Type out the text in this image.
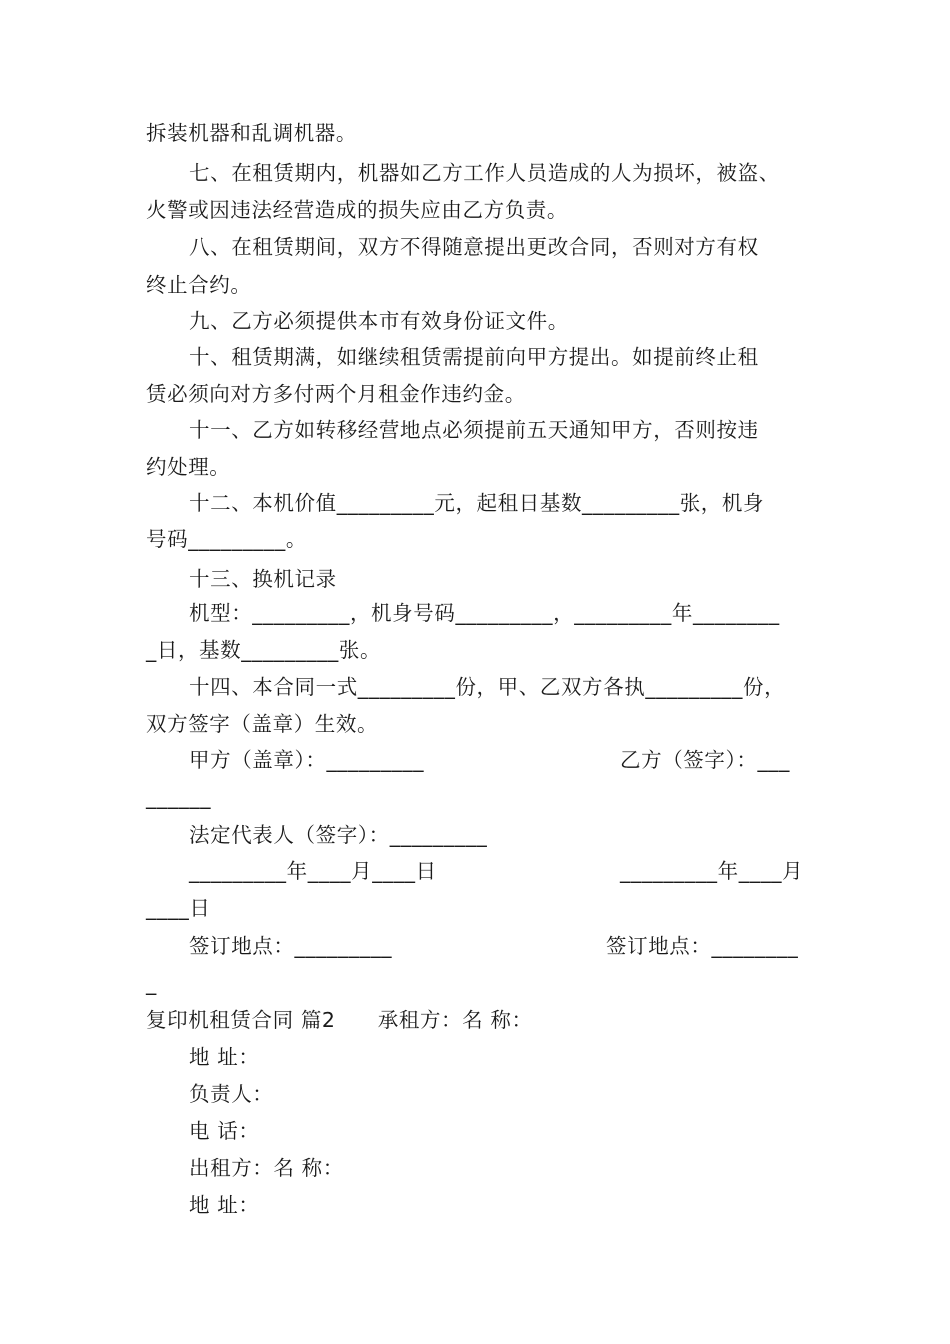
拆装机器和乱调机器。
七、在租赁期内，机器如乙方工作人员造成的人为损坏，被盗、
火警或因违法经营造成的损失应由乙方负责。
八、在租赁期间，双方不得随意提出更改合同，否则对方有权
终止合约。
九、乙方必须提供本市有效身份证文件。
十、租赁期满，如继续租赁需提前向甲方提出。如提前终止租
赁必须向对方多付两个月租金作违约金。
十一、乙方如转移经营地点必须提前五天通知甲方，否则按违
约处理。
十二、本机价值_________元，起租日基数_________张，机身
号码_________。
十三、换机记录
机型：_________，机身号码_________，_________年________
_日，基数_________张。
十四、本合同一式_________份，甲、乙双方各执_________份，
双方签字（盖章）生效。
甲方（盖章）：_________	乙方（签字）：___
______
法定代表人（签字）：_________
_________年____月____日	_________年____月
____日
签订地点：_________	签订地点：________
_
复印机租赁合同 篇2　　承租方：名 称：
地 址：
负责人：
电 话：
出租方：名 称：
地 址：
